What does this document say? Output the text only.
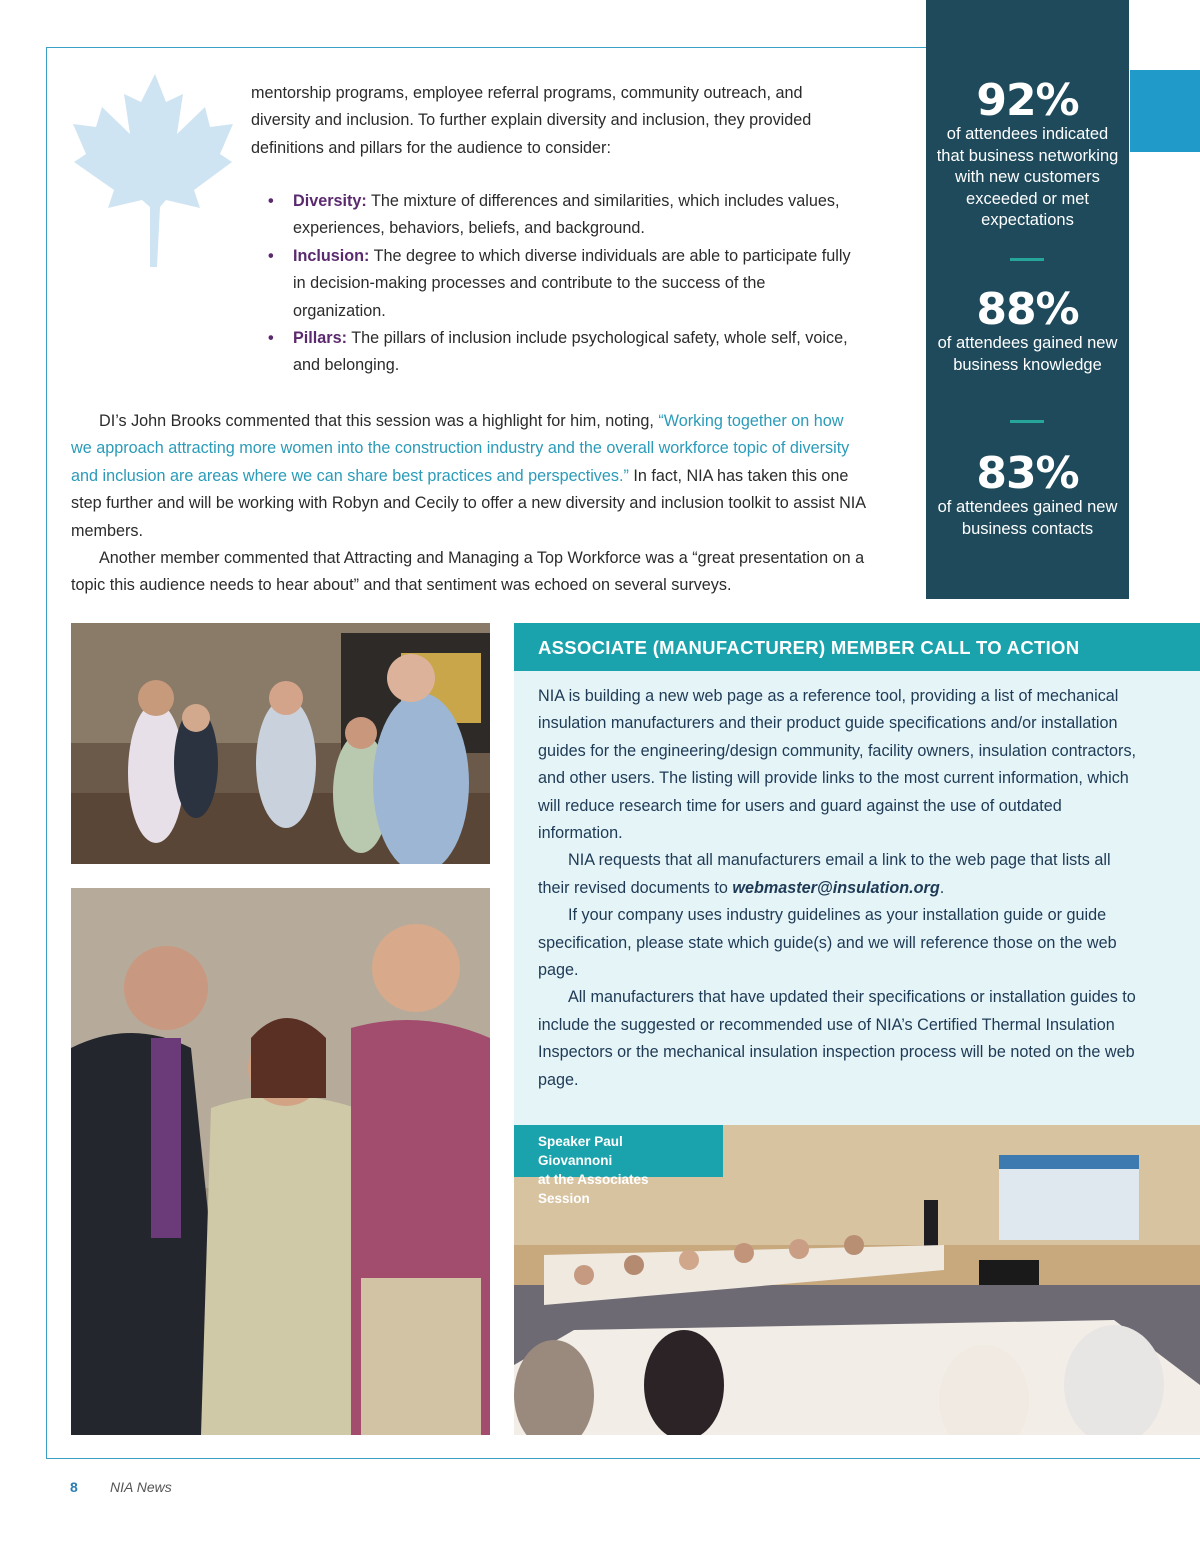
mentorship programs, employee referral programs, community outreach, and diversity and inclusion. To further explain diversity and inclusion, they provided definitions and pillars for the audience to consider:

• Diversity: The mixture of differences and similarities, which includes values, experiences, behaviors, beliefs, and background.
• Inclusion: The degree to which diverse individuals are able to participate fully in decision-making processes and contribute to the success of the organization.
• Pillars: The pillars of inclusion include psychological safety, whole self, voice, and belonging.

DI’s John Brooks commented that this session was a highlight for him, noting, “Working together on how we approach attracting more women into the construction industry and the overall workforce topic of diversity and inclusion are areas where we can share best practices and perspectives.” In fact, NIA has taken this one step further and will be working with Robyn and Cecily to offer a new diversity and inclusion toolkit to assist NIA members.

Another member commented that Attracting and Managing a Top Workforce was a “great presentation on a topic this audience needs to hear about” and that sentiment was echoed on several surveys.

92%
of attendees indicated that business networking with new customers exceeded or met expectations
88%
of attendees gained new business knowledge
83%
of attendees gained new business contacts
ASSOCIATE (MANUFACTURER) MEMBER CALL TO ACTION

NIA is building a new web page as a reference tool, providing a list of mechanical insulation manufacturers and their product guide specifications and/or installation guides for the engineering/design community, facility owners, insulation contractors, and other users. The listing will provide links to the most current information, which will reduce research time for users and guard against the use of outdated information.

NIA requests that all manufacturers email a link to the web page that lists all their revised documents to webmaster@insulation.org.

If your company uses industry guidelines as your installation guide or guide specification, please state which guide(s) and we will reference those on the web page.

All manufacturers that have updated their specifications or installation guides to include the suggested or recommended use of NIA’s Certified Thermal Insulation Inspectors or the mechanical insulation inspection process will be noted on the web page.

Speaker Paul Giovannoni
at the Associates Session
8 NIA News
